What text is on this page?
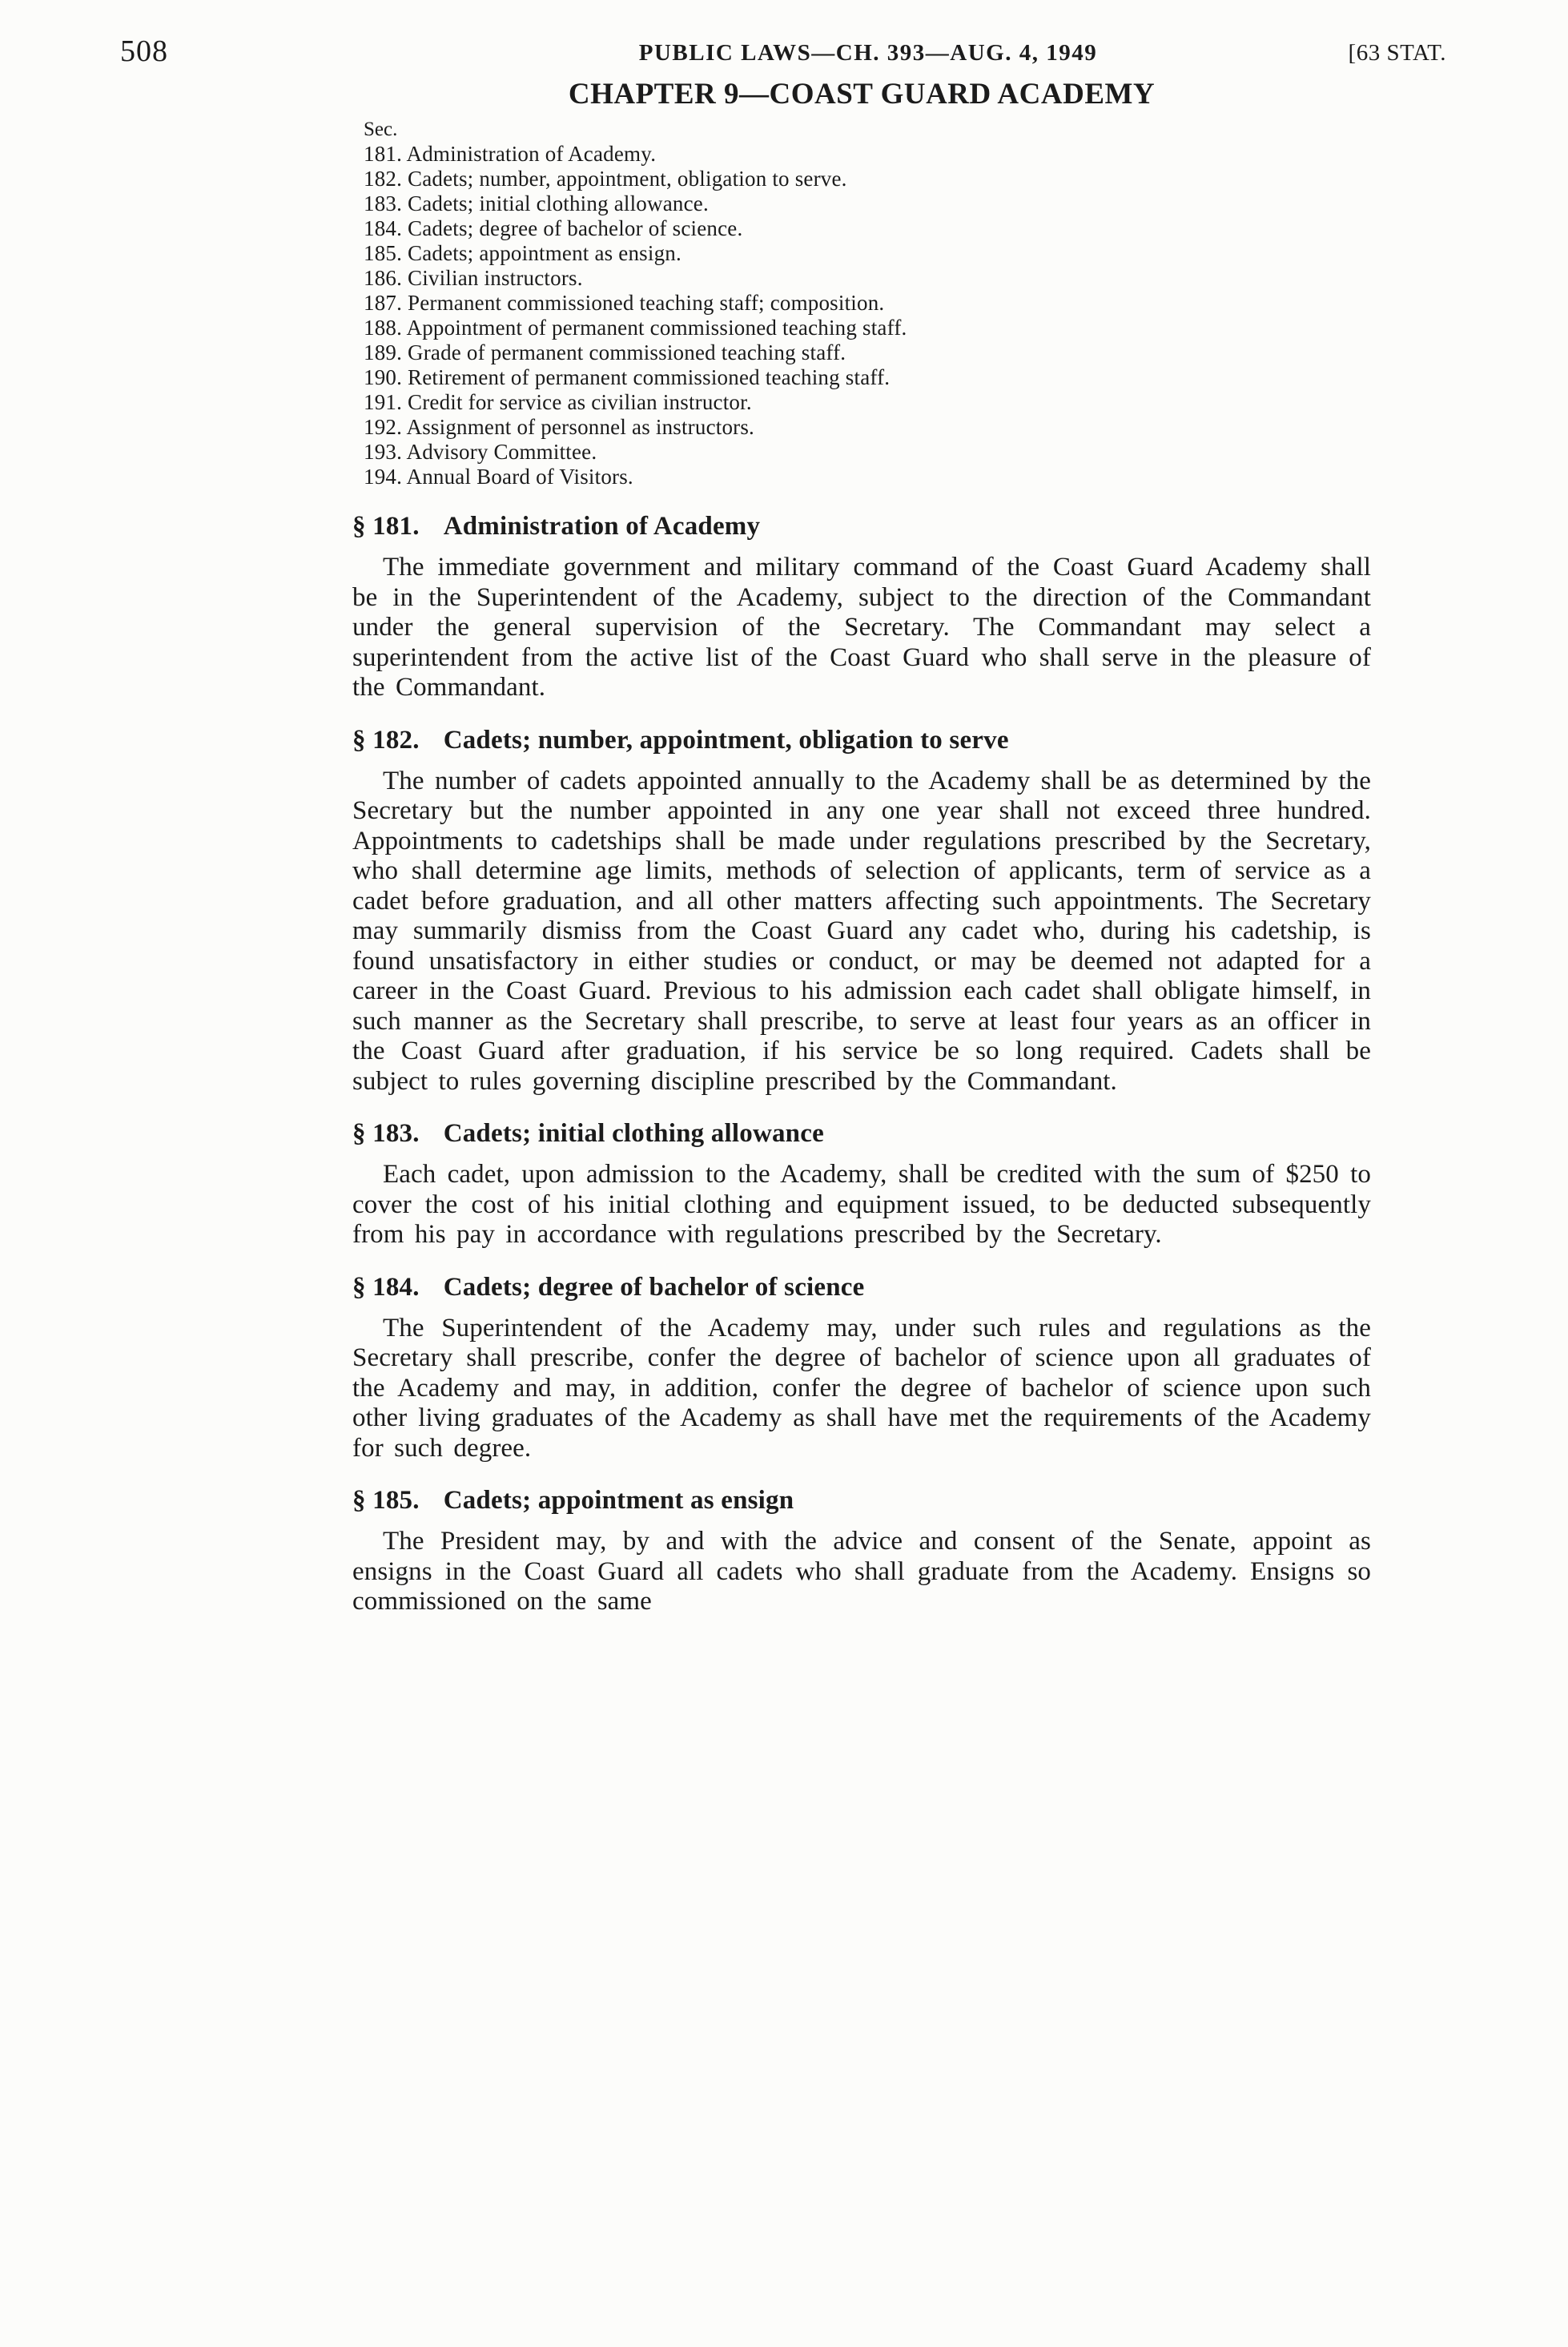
508	PUBLIC LAWS—CH. 393—AUG. 4, 1949	[63 STAT.
CHAPTER 9—COAST GUARD ACADEMY
Sec.
181. Administration of Academy.
182. Cadets; number, appointment, obligation to serve.
183. Cadets; initial clothing allowance.
184. Cadets; degree of bachelor of science.
185. Cadets; appointment as ensign.
186. Civilian instructors.
187. Permanent commissioned teaching staff; composition.
188. Appointment of permanent commissioned teaching staff.
189. Grade of permanent commissioned teaching staff.
190. Retirement of permanent commissioned teaching staff.
191. Credit for service as civilian instructor.
192. Assignment of personnel as instructors.
193. Advisory Committee.
194. Annual Board of Visitors.
§ 181. Administration of Academy

The immediate government and military command of the Coast Guard Academy shall be in the Superintendent of the Academy, subject to the direction of the Commandant under the general supervision of the Secretary. The Commandant may select a superintendent from the active list of the Coast Guard who shall serve in the pleasure of the Commandant.

§ 182. Cadets; number, appointment, obligation to serve

The number of cadets appointed annually to the Academy shall be as determined by the Secretary but the number appointed in any one year shall not exceed three hundred. Appointments to cadetships shall be made under regulations prescribed by the Secretary, who shall determine age limits, methods of selection of applicants, term of service as a cadet before graduation, and all other matters affecting such appointments. The Secretary may summarily dismiss from the Coast Guard any cadet who, during his cadetship, is found unsatisfactory in either studies or conduct, or may be deemed not adapted for a career in the Coast Guard. Previous to his admission each cadet shall obligate himself, in such manner as the Secretary shall prescribe, to serve at least four years as an officer in the Coast Guard after graduation, if his service be so long required. Cadets shall be subject to rules governing discipline prescribed by the Commandant.

§ 183. Cadets; initial clothing allowance

Each cadet, upon admission to the Academy, shall be credited with the sum of $250 to cover the cost of his initial clothing and equipment issued, to be deducted subsequently from his pay in accordance with regulations prescribed by the Secretary.

§ 184. Cadets; degree of bachelor of science

The Superintendent of the Academy may, under such rules and regulations as the Secretary shall prescribe, confer the degree of bachelor of science upon all graduates of the Academy and may, in addition, confer the degree of bachelor of science upon such other living graduates of the Academy as shall have met the requirements of the Academy for such degree.

§ 185. Cadets; appointment as ensign

The President may, by and with the advice and consent of the Senate, appoint as ensigns in the Coast Guard all cadets who shall graduate from the Academy. Ensigns so commissioned on the same
